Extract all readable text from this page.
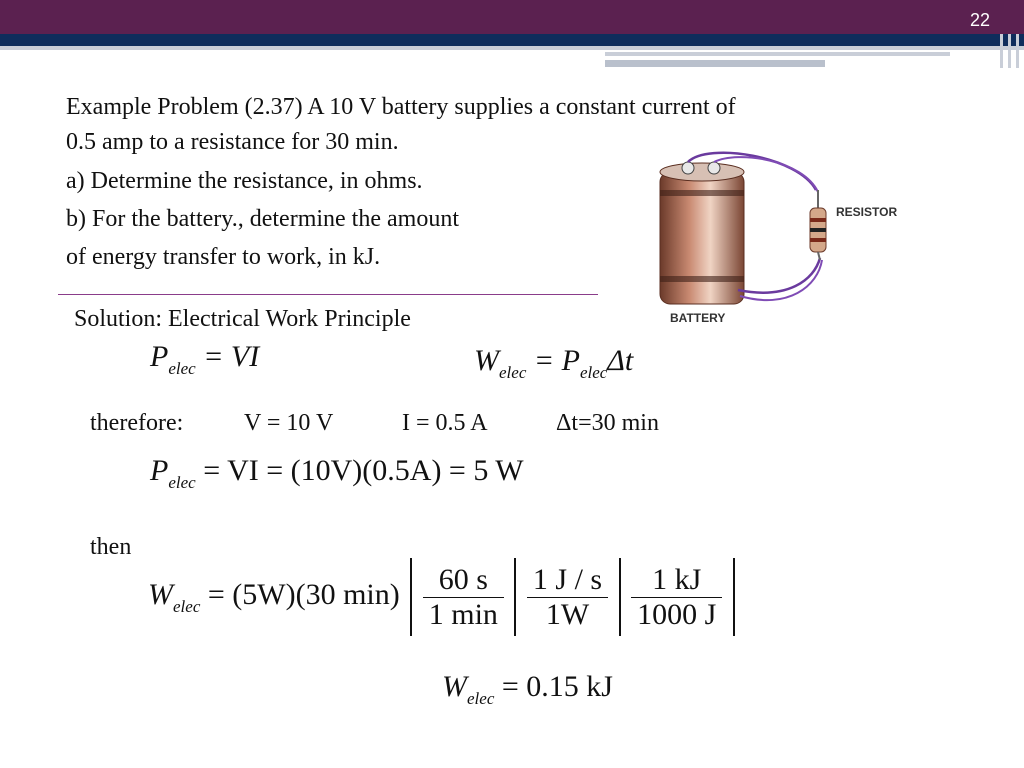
22
Example Problem (2.37) A 10 V battery supplies a constant current of
0.5 amp to a resistance for 30 min.
a) Determine the resistance, in ohms.
b) For the battery., determine the amount
of energy transfer to work, in kJ.
RESISTOR
BATTERY
Solution: Electrical Work Principle
$P_{elec}$ = VI	$W_{elec} = P_{elec}\Delta t$
therefore:	V = 10 V	I = 0.5 A	Δt=30 min
$P_{elec}$ = VI = (10V)(0.5A) = 5 W
then
$W_{elec} = (5W)(30$ $\min) \frac{60 s}{1 \min}$
$\frac{1 J / s}{1W}$
$\frac{1 kJ}{1000 J}$

$W_{elec} = 0.15$ kJ
